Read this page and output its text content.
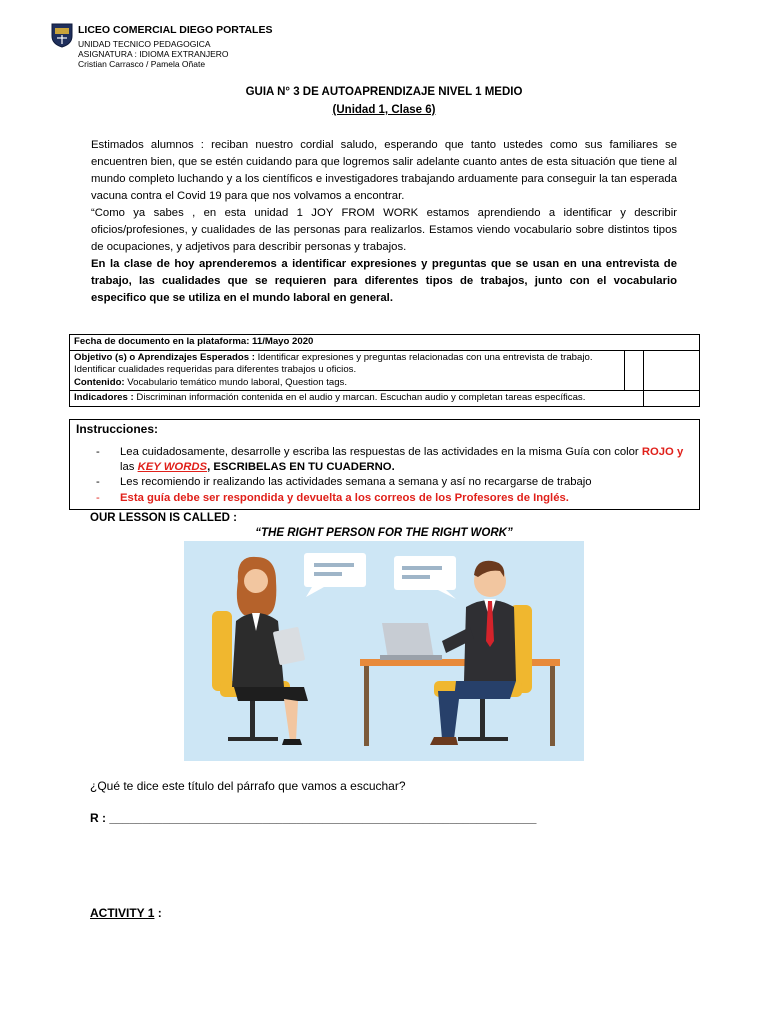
LICEO COMERCIAL DIEGO PORTALES
UNIDAD TECNICO PEDAGOGICA
ASIGNATURA : IDIOMA EXTRANJERO
Cristian Carrasco / Pamela Oñate
GUIA N° 3 DE AUTOAPRENDIZAJE NIVEL 1 MEDIO
(Unidad 1, Clase 6)

Estimados alumnos : reciban nuestro cordial saludo, esperando que tanto ustedes como sus familiares se encuentren bien, que se estén cuidando para que logremos salir adelante cuanto antes de esta situación que tiene al mundo completo luchando y a los científicos e investigadores trabajando arduamente para conseguir la tan esperada vacuna contra el Covid 19 para que nos volvamos a encontrar.

“Como ya sabes , en esta unidad 1 JOY FROM WORK estamos aprendiendo a identificar y describir oficios/profesiones, y cualidades de las personas para realizarlos. Estamos viendo vocabulario sobre distintos tipos de ocupaciones, y adjetivos para describir personas y trabajos.

En la clase de hoy aprenderemos a identificar expresiones y preguntas que se usan en una entrevista de trabajo, las cualidades que se requieren para diferentes tipos de trabajos, junto con el vocabulario especifico que se utiliza en el mundo laboral en general.

Fecha de documento en la plataforma: 11/Mayo 2020		
Objetivo (s) o Aprendizajes Esperados : Identificar expresiones y preguntas relacionadas con una entrevista de trabajo. Identificar cualidades requeridas para diferentes trabajos u oficios.
Contenido: Vocabulario temático mundo laboral, Question tags.		
Indicadores : Discriminan información contenida en el audio y marcan. Escuchan audio y completan tareas específicas.		
Instrucciones:
- Lea cuidadosamente, desarrolle y escriba las respuestas de las actividades en la misma Guía con color ROJO y las KEY WORDS, ESCRIBELAS EN TU CUADERNO.
- Les recomiendo ir realizando las actividades semana a semana y así no recargarse de trabajo
- Esta guía debe ser respondida y devuelta a los correos de los Profesores de Inglés.
OUR LESSON IS CALLED :
“THE RIGHT PERSON FOR THE RIGHT WORK”
¿Qué te dice este título del párrafo que vamos a escuchar?
R : ________________________________________________________________
ACTIVITY 1 :
